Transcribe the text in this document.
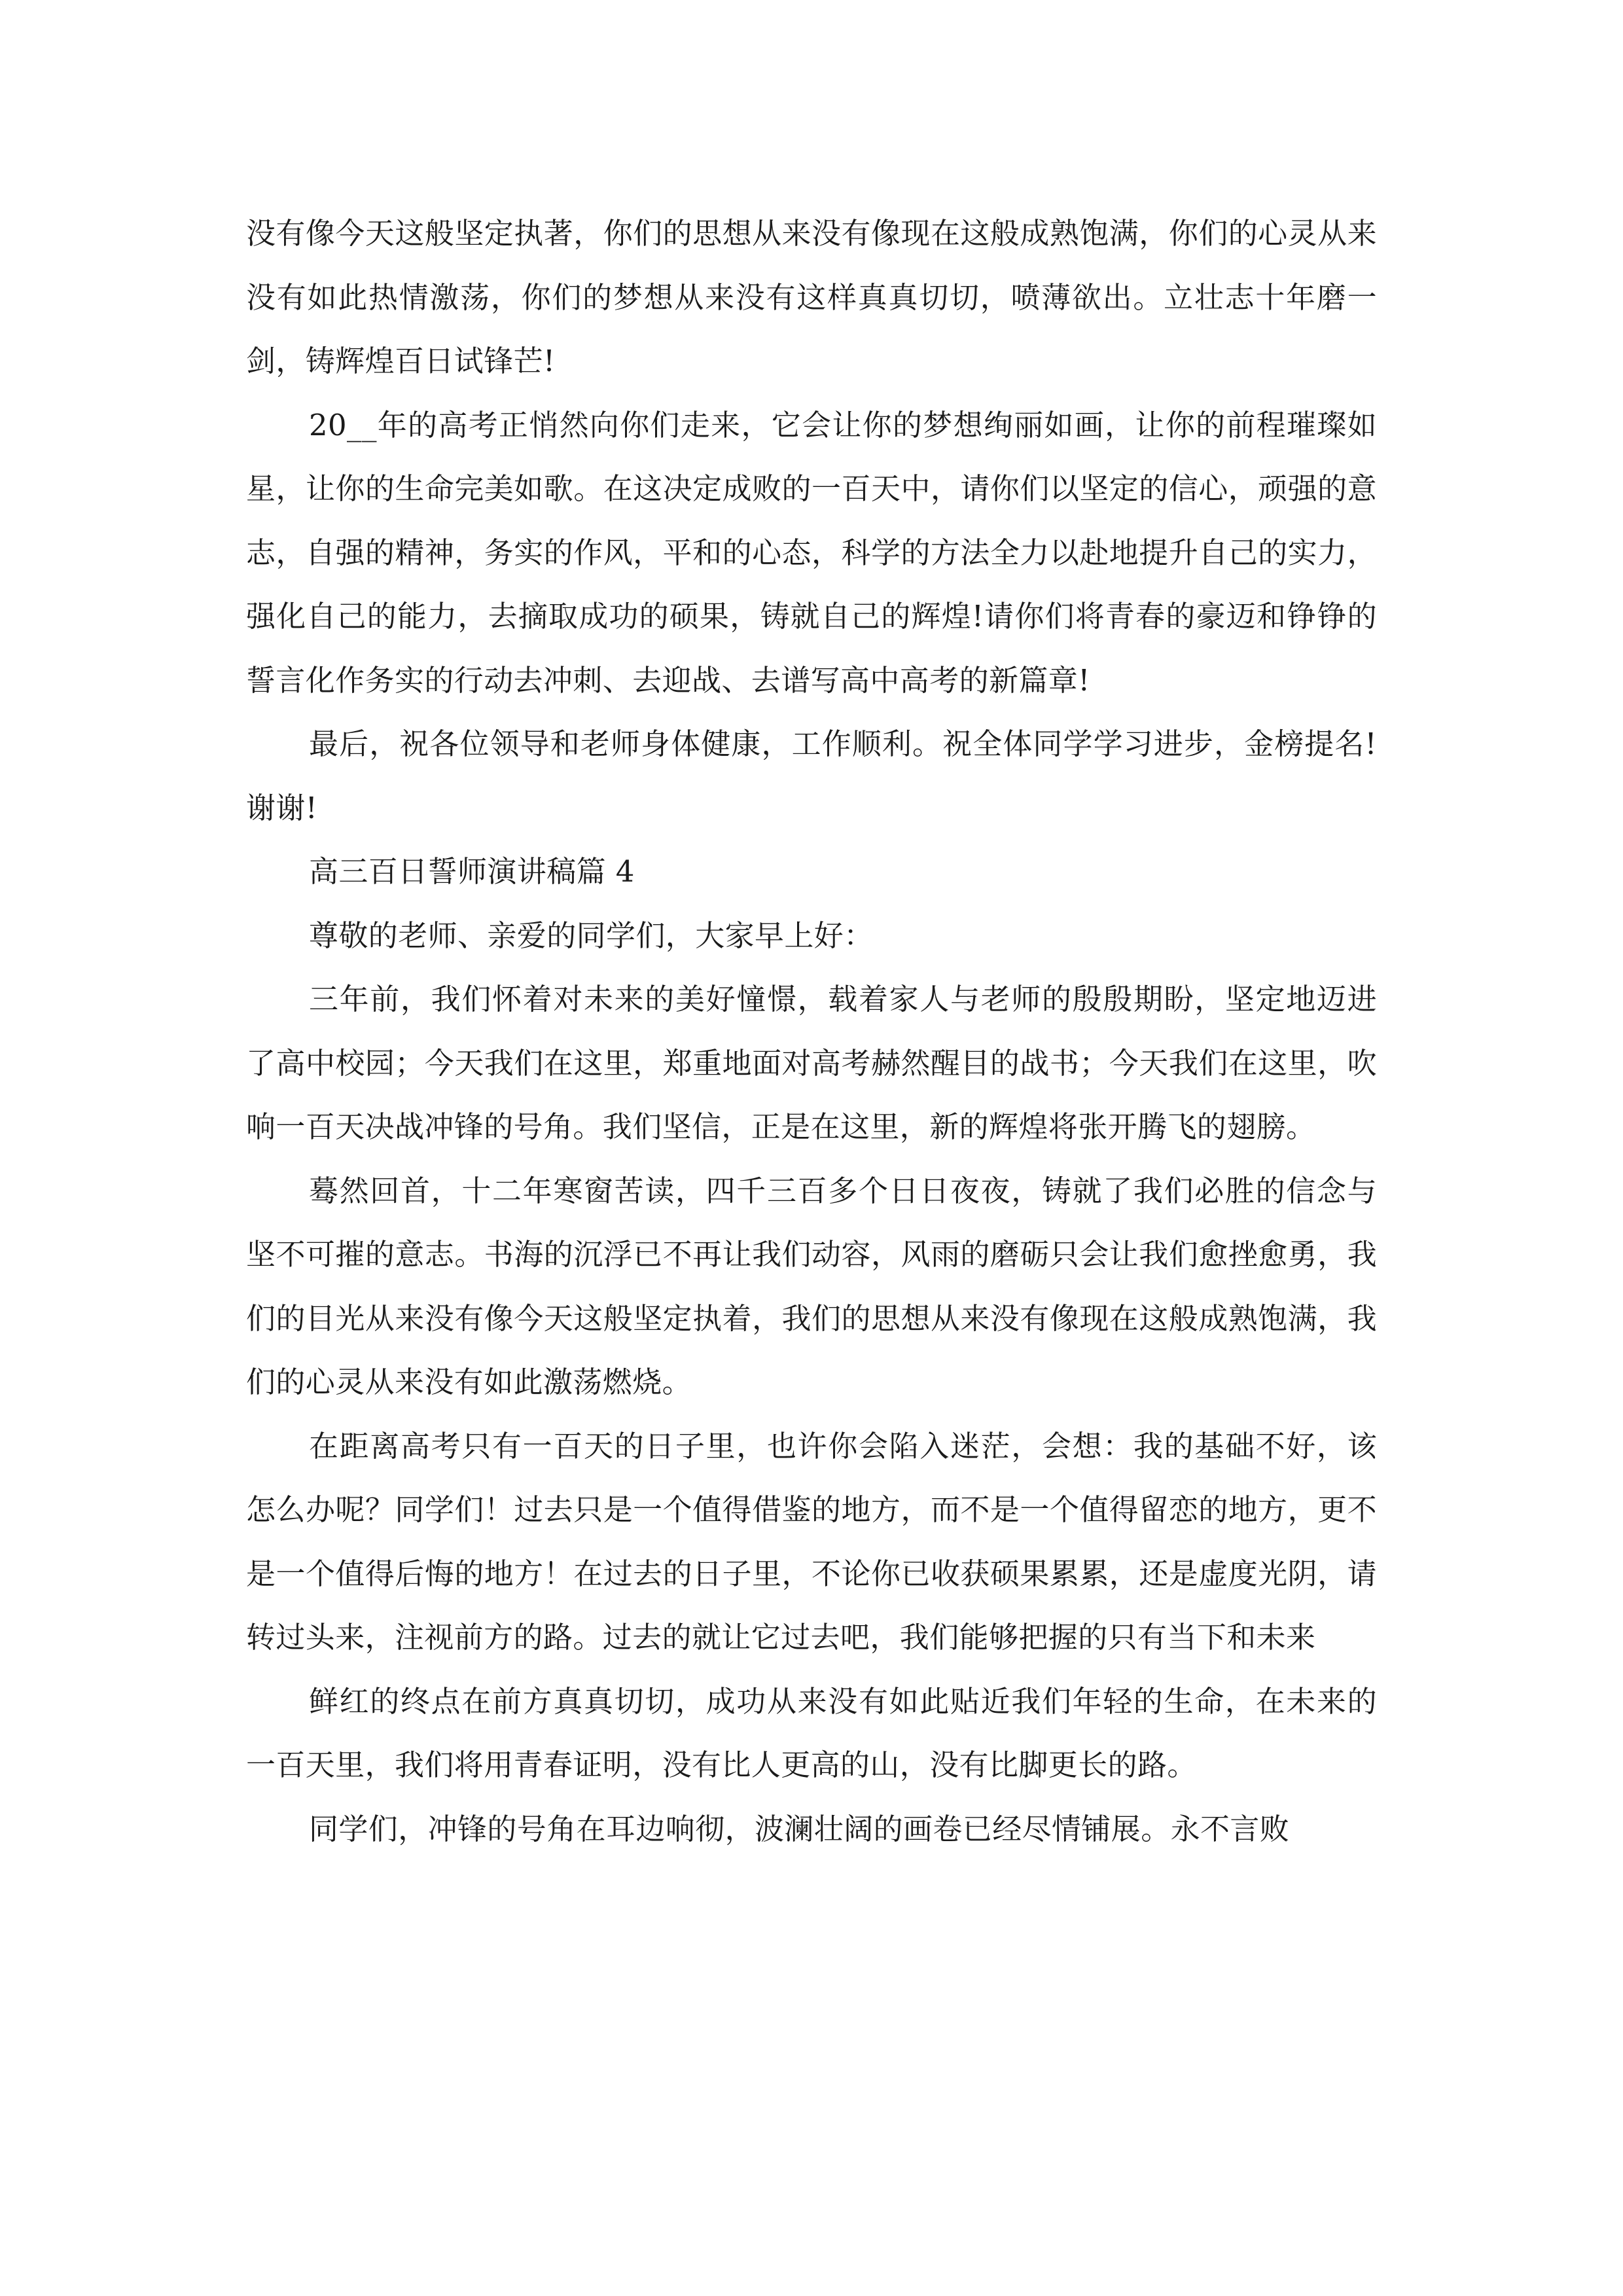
没有像今天这般坚定执著，你们的思想从来没有像现在这般成熟饱满，你们的心灵从来没有如此热情激荡，你们的梦想从来没有这样真真切切，喷薄欲出。立壮志十年磨一剑，铸辉煌百日试锋芒!

20__年的高考正悄然向你们走来，它会让你的梦想绚丽如画，让你的前程璀璨如星，让你的生命完美如歌。在这决定成败的一百天中，请你们以坚定的信心，顽强的意志，自强的精神，务实的作风，平和的心态，科学的方法全力以赴地提升自己的实力，强化自己的能力，去摘取成功的硕果，铸就自己的辉煌!请你们将青春的豪迈和铮铮的誓言化作务实的行动去冲刺、去迎战、去谱写高中高考的新篇章!

最后，祝各位领导和老师身体健康，工作顺利。祝全体同学学习进步，金榜提名!谢谢!

高三百日誓师演讲稿篇 4

尊敬的老师、亲爱的同学们，大家早上好：

三年前，我们怀着对未来的美好憧憬，载着家人与老师的殷殷期盼，坚定地迈进了高中校园；今天我们在这里，郑重地面对高考赫然醒目的战书；今天我们在这里，吹响一百天决战冲锋的号角。我们坚信，正是在这里，新的辉煌将张开腾飞的翅膀。

蓦然回首，十二年寒窗苦读，四千三百多个日日夜夜，铸就了我们必胜的信念与坚不可摧的意志。书海的沉浮已不再让我们动容，风雨的磨砺只会让我们愈挫愈勇，我们的目光从来没有像今天这般坚定执着，我们的思想从来没有像现在这般成熟饱满，我们的心灵从来没有如此激荡燃烧。

在距离高考只有一百天的日子里，也许你会陷入迷茫，会想：我的基础不好，该怎么办呢？同学们！过去只是一个值得借鉴的地方，而不是一个值得留恋的地方，更不是一个值得后悔的地方！在过去的日子里，不论你已收获硕果累累，还是虚度光阴，请转过头来，注视前方的路。过去的就让它过去吧，我们能够把握的只有当下和未来

鲜红的终点在前方真真切切，成功从来没有如此贴近我们年轻的生命，在未来的一百天里，我们将用青春证明，没有比人更高的山，没有比脚更长的路。

同学们，冲锋的号角在耳边响彻，波澜壮阔的画卷已经尽情铺展。永不言败
